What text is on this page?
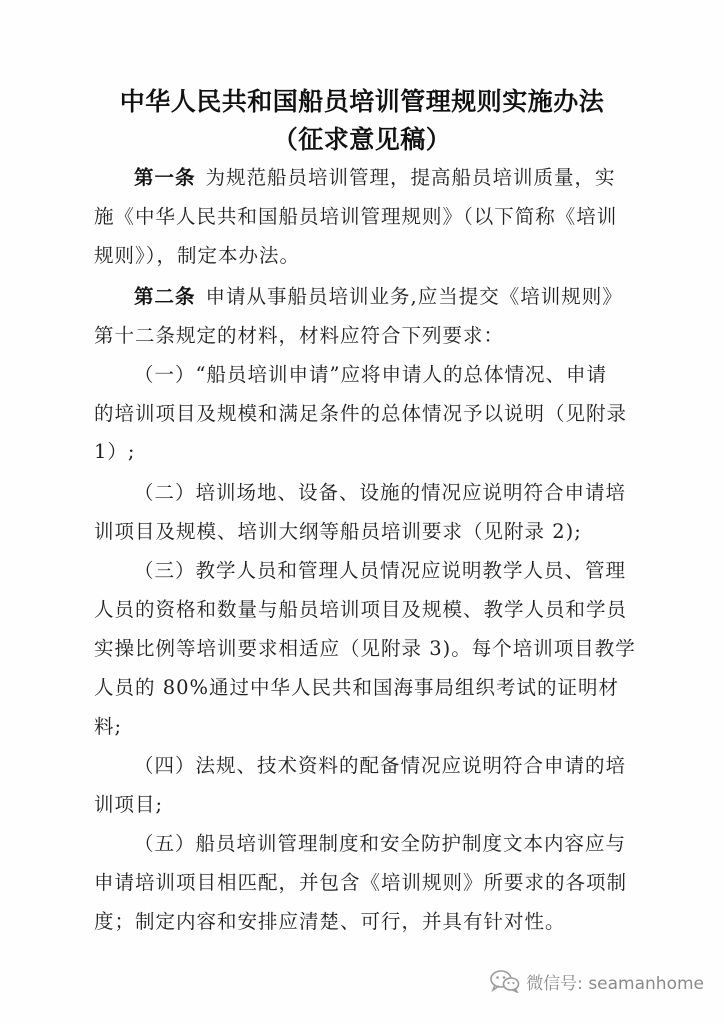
中华人民共和国船员培训管理规则实施办法
（征求意见稿）
第一条 为规范船员培训管理，提高船员培训质量，实
施《中华人民共和国船员培训管理规则》（以下简称《培训
规则》），制定本办法。
第二条 申请从事船员培训业务,应当提交《培训规则》
第十二条规定的材料，材料应符合下列要求：
（一）“船员培训申请”应将申请人的总体情况、申请
的培训项目及规模和满足条件的总体情况予以说明（见附录
1）;
（二）培训场地、设备、设施的情况应说明符合申请培
训项目及规模、培训大纲等船员培训要求（见附录 2);
（三）教学人员和管理人员情况应说明教学人员、管理
人员的资格和数量与船员培训项目及规模、教学人员和学员
实操比例等培训要求相适应（见附录 3)。每个培训项目教学
人员的 80%通过中华人民共和国海事局组织考试的证明材
料;
（四）法规、技术资料的配备情况应说明符合申请的培
训项目;
（五）船员培训管理制度和安全防护制度文本内容应与
申请培训项目相匹配，并包含《培训规则》所要求的各项制
度；制定内容和安排应清楚、可行，并具有针对性。
微信号: seamanhome
